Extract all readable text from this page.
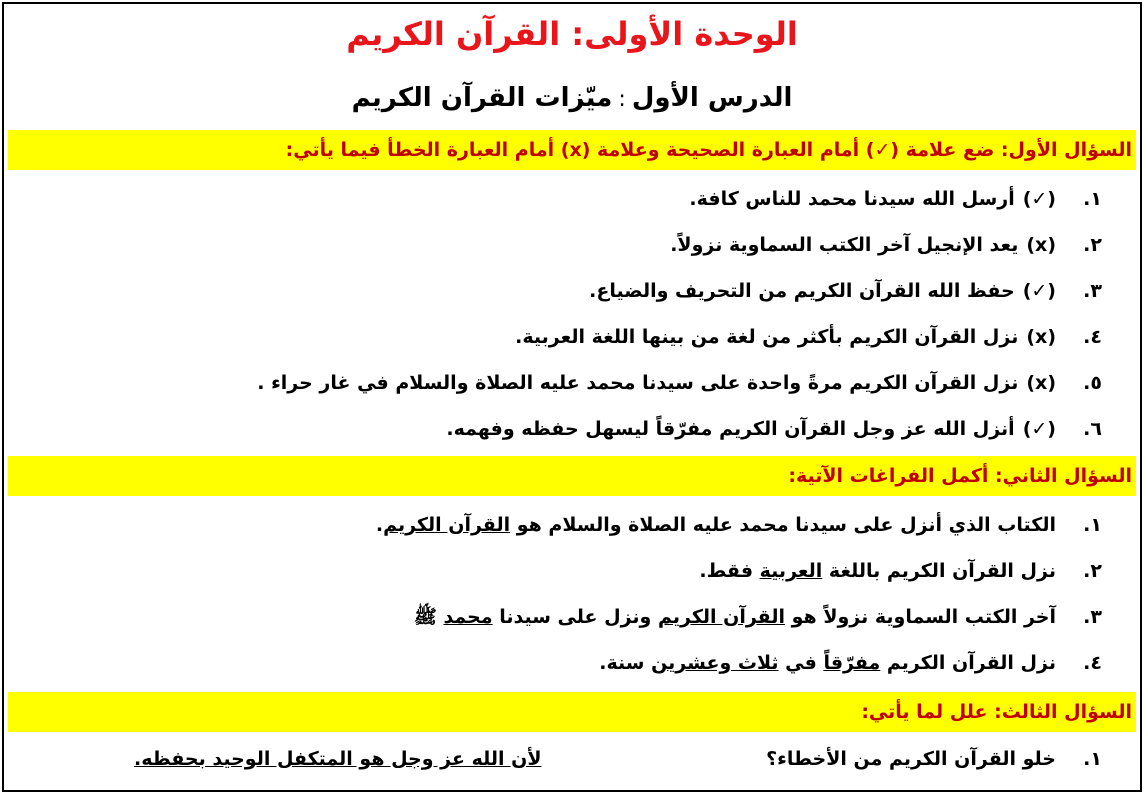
الوحدة الأولى: القرآن الكريم
الدرس الأول:ميّزات القرآن الكريم
السؤال الأول: ضع علامة (✓) أمام العبارة الصحيحة وعلامة (x) أمام العبارة الخطأ فيما يأتي:
١.(✓)أرسل الله سيدنا محمد للناس كافة.
٢.(x)يعد الإنجيل آخر الكتب السماوية نزولاً.
٣.(✓)حفظ الله القرآن الكريم من التحريف والضياع.
٤.(x)نزل القرآن الكريم بأكثر من لغة من بينها اللغة العربية.
٥.(x)نزل القرآن الكريم مرةً واحدة على سيدنا محمد عليه الصلاة والسلام في غار حراء .
٦.(✓)أنزل الله عز وجل القرآن الكريم مفرّقاً ليسهل حفظه وفهمه.
السؤال الثاني: أكمل الفراغات الآتية:
١.الكتاب الذي أنزل على سيدنا محمد عليه الصلاة والسلام هو القرآن الكريم.
٢.نزل القرآن الكريم باللغة العربية فقط.
٣.آخر الكتب السماوية نزولاً هو القرآن الكريم ونزل على سيدنا محمد ﷺ
٤.نزل القرآن الكريم مفرّقاً في ثلاث وعشرين سنة.
السؤال الثالث: علل لما يأتي:
١.خلو القرآن الكريم من الأخطاء؟
لأن الله عز وجل هو المتكفل الوحيد بحفظه.
